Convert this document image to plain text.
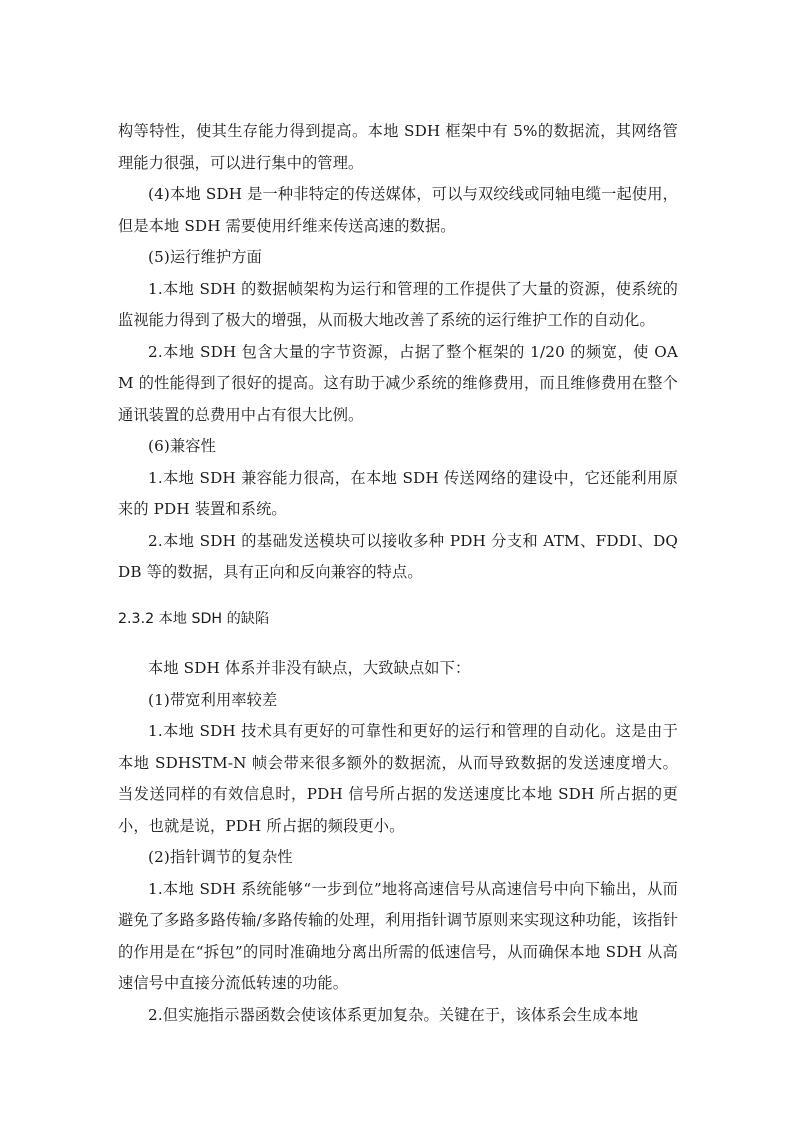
构等特性，使其生存能力得到提高。本地 SDH 框架中有 5%的数据流，其网络管理能力很强，可以进行集中的管理。

(4)本地 SDH 是一种非特定的传送媒体，可以与双绞线或同轴电缆一起使用，但是本地 SDH 需要使用纤维来传送高速的数据。

(5)运行维护方面

1.本地 SDH 的数据帧架构为运行和管理的工作提供了大量的资源，使系统的监视能力得到了极大的增强，从而极大地改善了系统的运行维护工作的自动化。

2.本地 SDH 包含大量的字节资源，占据了整个框架的 1/20 的频宽，使 OAM 的性能得到了很好的提高。这有助于减少系统的维修费用，而且维修费用在整个通讯装置的总费用中占有很大比例。

(6)兼容性

1.本地 SDH 兼容能力很高，在本地 SDH 传送网络的建设中，它还能利用原来的 PDH 装置和系统。

2.本地 SDH 的基础发送模块可以接收多种 PDH 分支和 ATM、FDDI、DQDB 等的数据，具有正向和反向兼容的特点。

2.3.2 本地 SDH 的缺陷

本地 SDH 体系并非没有缺点，大致缺点如下：

(1)带宽利用率较差

1.本地 SDH 技术具有更好的可靠性和更好的运行和管理的自动化。这是由于本地 SDHSTM-N 帧会带来很多额外的数据流，从而导致数据的发送速度增大。当发送同样的有效信息时，PDH 信号所占据的发送速度比本地 SDH 所占据的更小，也就是说，PDH 所占据的频段更小。

(2)指针调节的复杂性

1.本地 SDH 系统能够“一步到位”地将高速信号从高速信号中向下输出，从而避免了多路多路传输/多路传输的处理，利用指针调节原则来实现这种功能，该指针的作用是在“拆包”的同时准确地分离出所需的低速信号，从而确保本地 SDH 从高速信号中直接分流低转速的功能。

2.但实施指示器函数会使该体系更加复杂。关键在于，该体系会生成本地
